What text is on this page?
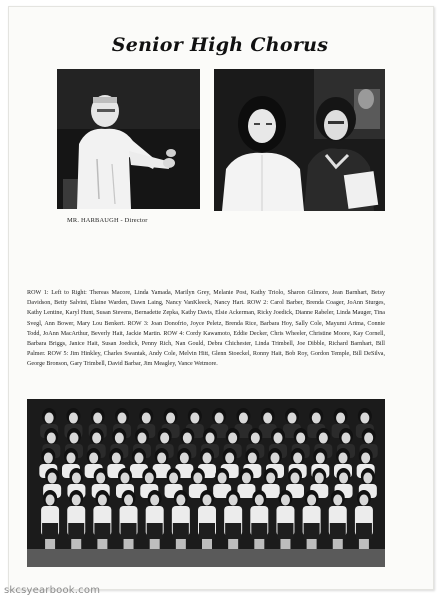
Senior High Chorus
MR. HARBAUGH - Director

ROW 1: Left to Right: Thereas Macore, Linda Yamada, Marilyn Grey, Melanie Post, Kathy Triolo, Sharon Gilmore, Jean Barnhart, Betsy Davidson, Betty Salvini, Elaine Warden, Dawn Laing, Nancy VanKleeck, Nancy Hart. ROW 2: Carol Barber, Brenda Coager, JoAnn Sturges, Kathy Lentine, Karyl Hunt, Susan Stevens, Bernadette Zepka, Kathy Davis, Elsie Ackerman, Ricky Joedick, Dianne Rabeler, Linda Mauger, Tina Svegl, Ann Bower, Mary Lou Benkert. ROW 3: Joan Donofrio, Joyce Peletz, Brenda Rice, Barbara Hoy, Sally Cole, Mayumi Arima, Connie Todd, JoAnn MacArthur, Beverly Hait, Jackie Martin. ROW 4: Cordy Kawamoto, Eddie Decker, Chris Wheeler, Christine Moore, Kay Cornell, Barbara Briggs, Janice Hait, Susan Joedick, Penny Rich, Nan Gould, Debra Chichester, Linda Trimbell, Joe Dibble, Richard Barnhart, Bill Palmer. ROW 5: Jim Hinkley, Charles Swantak, Andy Cole, Melvin Hitt, Glenn Stoeckel, Ronny Hait, Bob Roy, Gordon Temple, Bill DeSilva, George Bronson, Gary Trimbell, David Barbar, Jim Meagley, Vance Wetmore.

skcsyearbook.com
